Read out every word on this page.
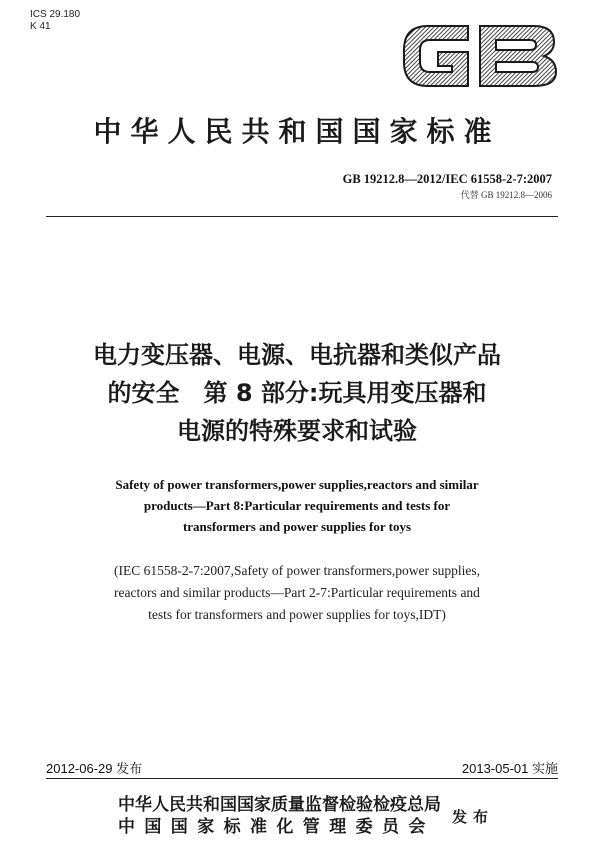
ICS 29.180
K 41
中华人民共和国国家标准
GB 19212.8—2012/IEC 61558-2-7:2007
代替 GB 19212.8—2006
电力变压器、电源、电抗器和类似产品
的安全　第 8 部分:玩具用变压器和
电源的特殊要求和试验
Safety of power transformers,power supplies,reactors and similar
products—Part 8:Particular requirements and tests for
transformers and power supplies for toys
(IEC 61558-2-7:2007,Safety of power transformers,power supplies,
reactors and similar products—Part 2-7:Particular requirements and
tests for transformers and power supplies for toys,IDT)
2012-06-29 发布	2013-05-01 实施
中华人民共和国国家质量监督检验检疫总局
中国国家标准化管理委员会	发布
